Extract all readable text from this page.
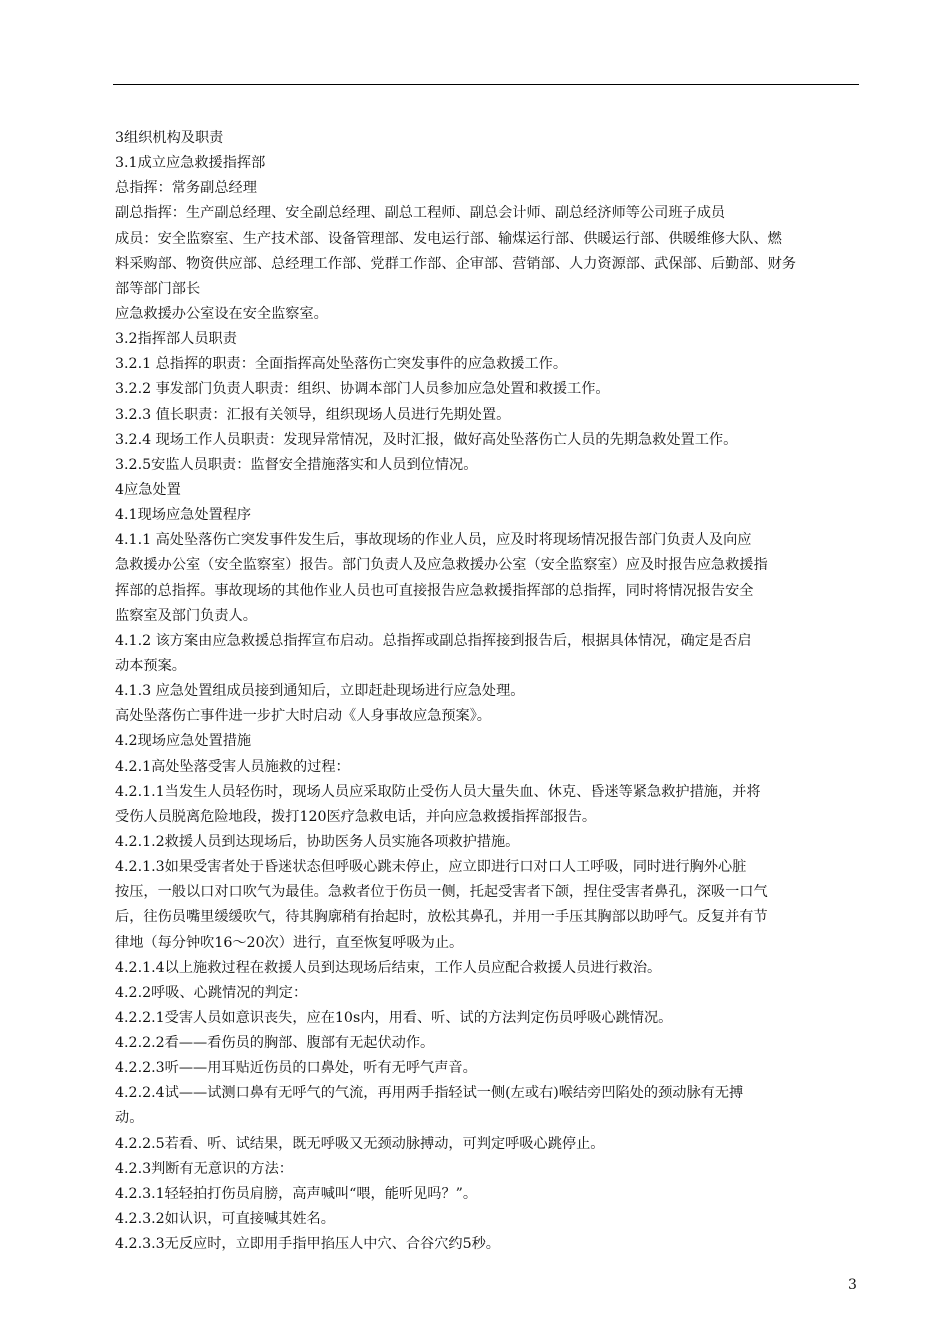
3组织机构及职责
3.1成立应急救援指挥部
总指挥：常务副总经理
副总指挥：生产副总经理、安全副总经理、副总工程师、副总会计师、副总经济师等公司班子成员
成员：安全监察室、生产技术部、设备管理部、发电运行部、输煤运行部、供暖运行部、供暖维修大队、燃
料采购部、物资供应部、总经理工作部、党群工作部、企审部、营销部、人力资源部、武保部、后勤部、财务
部等部门部长
应急救援办公室设在安全监察室。
3.2指挥部人员职责
3.2.1 总指挥的职责：全面指挥高处坠落伤亡突发事件的应急救援工作。
3.2.2 事发部门负责人职责：组织、协调本部门人员参加应急处置和救援工作。
3.2.3 值长职责：汇报有关领导，组织现场人员进行先期处置。
3.2.4 现场工作人员职责：发现异常情况，及时汇报，做好高处坠落伤亡人员的先期急救处置工作。
3.2.5安监人员职责：监督安全措施落实和人员到位情况。
4应急处置
4.1现场应急处置程序
4.1.1 高处坠落伤亡突发事件发生后，事故现场的作业人员，应及时将现场情况报告部门负责人及向应
急救援办公室（安全监察室）报告。部门负责人及应急救援办公室（安全监察室）应及时报告应急救援指
挥部的总指挥。事故现场的其他作业人员也可直接报告应急救援指挥部的总指挥，同时将情况报告安全
监察室及部门负责人。
4.1.2 该方案由应急救援总指挥宣布启动。总指挥或副总指挥接到报告后，根据具体情况，确定是否启
动本预案。
4.1.3 应急处置组成员接到通知后，立即赶赴现场进行应急处理。
高处坠落伤亡事件进一步扩大时启动《人身事故应急预案》。
4.2现场应急处置措施
4.2.1高处坠落受害人员施救的过程：
4.2.1.1当发生人员轻伤时，现场人员应采取防止受伤人员大量失血、休克、昏迷等紧急救护措施，并将
受伤人员脱离危险地段，拨打120医疗急救电话，并向应急救援指挥部报告。
4.2.1.2救援人员到达现场后，协助医务人员实施各项救护措施。
4.2.1.3如果受害者处于昏迷状态但呼吸心跳未停止，应立即进行口对口人工呼吸，同时进行胸外心脏
按压，一般以口对口吹气为最佳。急救者位于伤员一侧，托起受害者下颌，捏住受害者鼻孔，深吸一口气
后，往伤员嘴里缓缓吹气，待其胸廓稍有抬起时，放松其鼻孔，并用一手压其胸部以助呼气。反复并有节
律地（每分钟吹16～20次）进行，直至恢复呼吸为止。
4.2.1.4以上施救过程在救援人员到达现场后结束，工作人员应配合救援人员进行救治。
4.2.2呼吸、心跳情况的判定：
4.2.2.1受害人员如意识丧失，应在10s内，用看、听、试的方法判定伤员呼吸心跳情况。
4.2.2.2看——看伤员的胸部、腹部有无起伏动作。
4.2.2.3听——用耳贴近伤员的口鼻处，听有无呼气声音。
4.2.2.4试——试测口鼻有无呼气的气流，再用两手指轻试一侧(左或右)喉结旁凹陷处的颈动脉有无搏
动。
4.2.2.5若看、听、试结果，既无呼吸又无颈动脉搏动，可判定呼吸心跳停止。
4.2.3判断有无意识的方法：
4.2.3.1轻轻拍打伤员肩膀，高声喊叫“喂，能听见吗？”。
4.2.3.2如认识，可直接喊其姓名。
4.2.3.3无反应时，立即用手指甲掐压人中穴、合谷穴约5秒。
3
